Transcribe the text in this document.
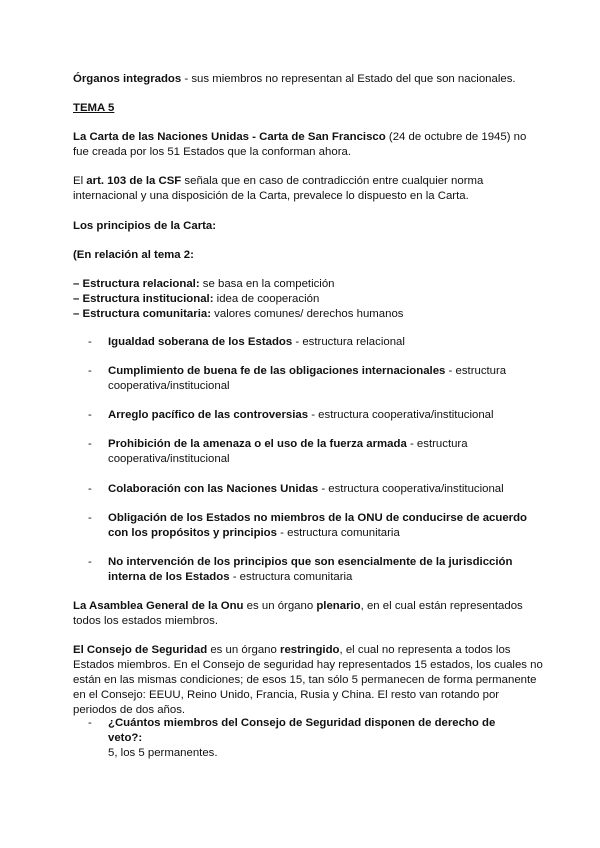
Órganos integrados - sus miembros no representan al Estado del que son nacionales.

TEMA 5

La Carta de las Naciones Unidas - Carta de San Francisco (24 de octubre de 1945) no fue creada por los 51 Estados que la conforman ahora.

El art. 103 de la CSF señala que en caso de contradicción entre cualquier norma internacional y una disposición de la Carta, prevalece lo dispuesto en la Carta.

Los principios de la Carta:

(En relación al tema 2:

– Estructura relacional: se basa en la competición
– Estructura institucional: idea de cooperación
– Estructura comunitaria: valores comunes/ derechos humanos
-	Igualdad soberana de los Estados - estructura relacional

-	Cumplimiento de buena fe de las obligaciones internacionales - estructura cooperativa/institucional

-	Arreglo pacífico de las controversias - estructura cooperativa/institucional

-	Prohibición de la amenaza o el uso de la fuerza armada - estructura cooperativa/institucional

-	Colaboración con las Naciones Unidas - estructura cooperativa/institucional

-	Obligación de los Estados no miembros de la ONU de conducirse de acuerdo con los propósitos y principios - estructura comunitaria

-	No intervención de los principios que son esencialmente de la jurisdicción interna de los Estados - estructura comunitaria

La Asamblea General de la Onu es un órgano plenario, en el cual están representados todos los estados miembros.

El Consejo de Seguridad es un órgano restringido, el cual no representa a todos los Estados miembros. En el Consejo de seguridad hay representados 15 estados, los cuales no están en las mismas condiciones; de esos 15, tan sólo 5 permanecen de forma permanente en el Consejo: EEUU, Reino Unido, Francia, Rusia y China. El resto van rotando por periodos de dos años.

-	¿Cuántos miembros del Consejo de Seguridad disponen de derecho de veto?:
5, los 5 permanentes.
